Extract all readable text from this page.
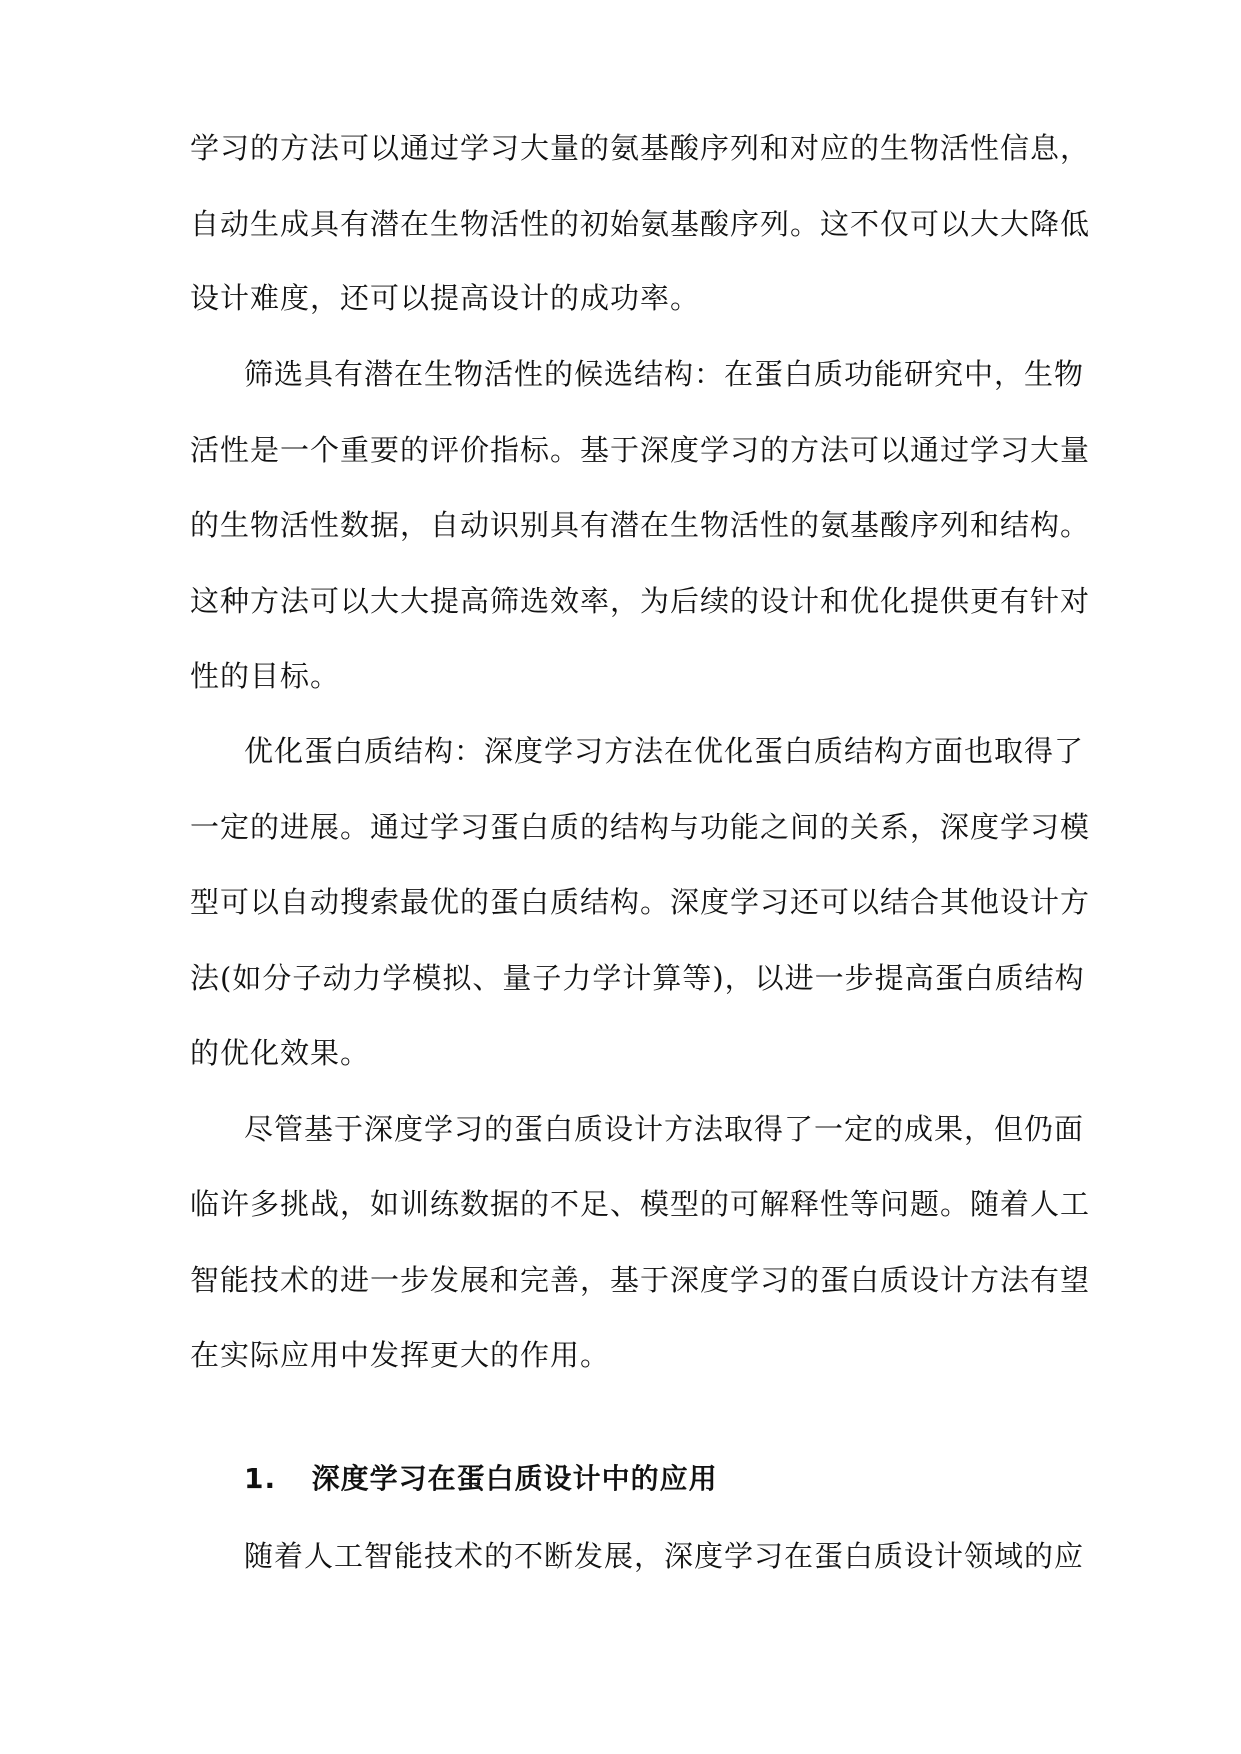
学习的方法可以通过学习大量的氨基酸序列和对应的生物活性信息，
自动生成具有潜在生物活性的初始氨基酸序列。这不仅可以大大降低
设计难度，还可以提高设计的成功率。
筛选具有潜在生物活性的候选结构：在蛋白质功能研究中，生物
活性是一个重要的评价指标。基于深度学习的方法可以通过学习大量
的生物活性数据，自动识别具有潜在生物活性的氨基酸序列和结构。
这种方法可以大大提高筛选效率，为后续的设计和优化提供更有针对
性的目标。
优化蛋白质结构：深度学习方法在优化蛋白质结构方面也取得了
一定的进展。通过学习蛋白质的结构与功能之间的关系，深度学习模
型可以自动搜索最优的蛋白质结构。深度学习还可以结合其他设计方
法(如分子动力学模拟、量子力学计算等)，以进一步提高蛋白质结构
的优化效果。
尽管基于深度学习的蛋白质设计方法取得了一定的成果，但仍面
临许多挑战，如训练数据的不足、模型的可解释性等问题。随着人工
智能技术的进一步发展和完善，基于深度学习的蛋白质设计方法有望
在实际应用中发挥更大的作用。
1. 深度学习在蛋白质设计中的应用
随着人工智能技术的不断发展，深度学习在蛋白质设计领域的应
